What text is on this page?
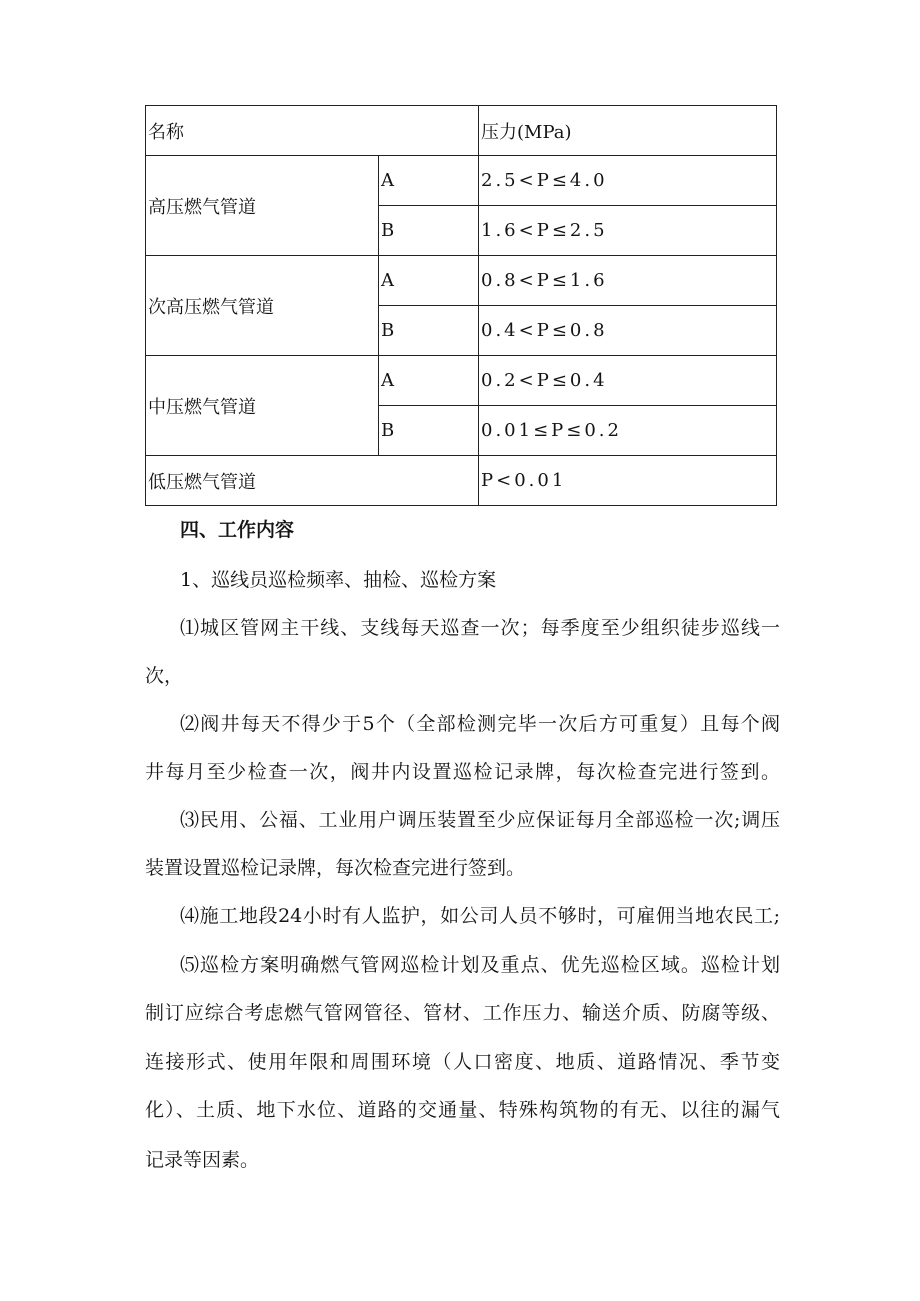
名称		压力(MPa)
高压燃气管道	A	2.5<P≤4.0
	B	1.6<P≤2.5
次高压燃气管道	A	0.8<P≤1.6
	B	0.4<P≤0.8
中压燃气管道	A	0.2<P≤0.4
	B	0.01≤P≤0.2
低压燃气管道		P<0.01
四、工作内容
1、巡线员巡检频率、抽检、巡检方案
⑴城区管网主干线、支线每天巡查一次；每季度至少组织徒步巡线一
次，
⑵阀井每天不得少于5个（全部检测完毕一次后方可重复）且每个阀
井每月至少检查一次，阀井内设置巡检记录牌，每次检查完进行签到。
⑶民用、公福、工业用户调压装置至少应保证每月全部巡检一次;调压
装置设置巡检记录牌，每次检查完进行签到。
⑷施工地段24小时有人监护，如公司人员不够时，可雇佣当地农民工;
⑸巡检方案明确燃气管网巡检计划及重点、优先巡检区域。巡检计划
制订应综合考虑燃气管网管径、管材、工作压力、输送介质、防腐等级、
连接形式、使用年限和周围环境（人口密度、地质、道路情况、季节变
化）、土质、地下水位、道路的交通量、特殊构筑物的有无、以往的漏气
记录等因素。
